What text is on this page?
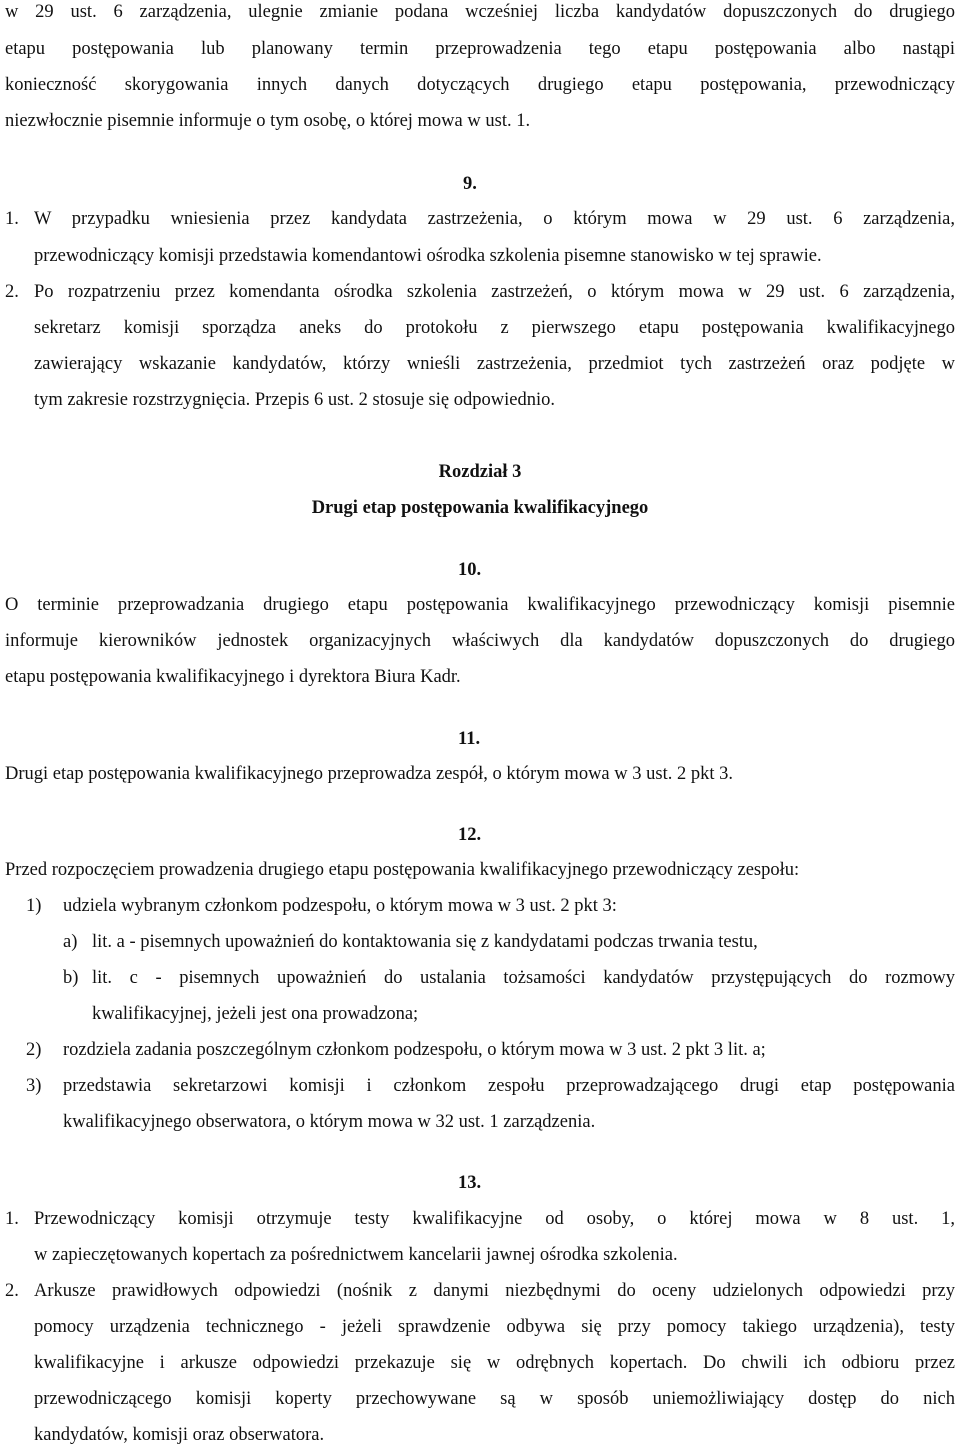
w 29 ust. 6 zarządzenia, ulegnie zmianie podana wcześniej liczba kandydatów dopuszczonych do drugiego
etapu postępowania lub planowany termin przeprowadzenia tego etapu postępowania albo nastąpi
konieczność skorygowania innych danych dotyczących drugiego etapu postępowania, przewodniczący
niezwłocznie pisemnie informuje o tym osobę, o której mowa w ust. 1.
9.
1. W przypadku wniesienia przez kandydata zastrzeżenia, o którym mowa w 29 ust. 6 zarządzenia,
przewodniczący komisji przedstawia komendantowi ośrodka szkolenia pisemne stanowisko w tej sprawie.
2. Po rozpatrzeniu przez komendanta ośrodka szkolenia zastrzeżeń, o którym mowa w 29 ust. 6 zarządzenia,
sekretarz komisji sporządza aneks do protokołu z pierwszego etapu postępowania kwalifikacyjnego
zawierający wskazanie kandydatów, którzy wnieśli zastrzeżenia, przedmiot tych zastrzeżeń oraz podjęte w
tym zakresie rozstrzygnięcia. Przepis 6 ust. 2 stosuje się odpowiednio.
Rozdział 3
Drugi etap postępowania kwalifikacyjnego
10.
O terminie przeprowadzania drugiego etapu postępowania kwalifikacyjnego przewodniczący komisji pisemnie
informuje kierowników jednostek organizacyjnych właściwych dla kandydatów dopuszczonych do drugiego
etapu postępowania kwalifikacyjnego i dyrektora Biura Kadr.
11.
Drugi etap postępowania kwalifikacyjnego przeprowadza zespół, o którym mowa w 3 ust. 2 pkt 3.
12.
Przed rozpoczęciem prowadzenia drugiego etapu postępowania kwalifikacyjnego przewodniczący zespołu:
1) udziela wybranym członkom podzespołu, o którym mowa w 3 ust. 2 pkt 3:
a) lit. a - pisemnych upoważnień do kontaktowania się z kandydatami podczas trwania testu,
b) lit. c - pisemnych upoważnień do ustalania tożsamości kandydatów przystępujących do rozmowy
kwalifikacyjnej, jeżeli jest ona prowadzona;
2) rozdziela zadania poszczególnym członkom podzespołu, o którym mowa w 3 ust. 2 pkt 3 lit. a;
3) przedstawia sekretarzowi komisji i członkom zespołu przeprowadzającego drugi etap postępowania
kwalifikacyjnego obserwatora, o którym mowa w 32 ust. 1 zarządzenia.
13.
1. Przewodniczący komisji otrzymuje testy kwalifikacyjne od osoby, o której mowa w 8 ust. 1,
w zapieczętowanych kopertach za pośrednictwem kancelarii jawnej ośrodka szkolenia.
2. Arkusze prawidłowych odpowiedzi (nośnik z danymi niezbędnymi do oceny udzielonych odpowiedzi przy
pomocy urządzenia technicznego - jeżeli sprawdzenie odbywa się przy pomocy takiego urządzenia), testy
kwalifikacyjne i arkusze odpowiedzi przekazuje się w odrębnych kopertach. Do chwili ich odbioru przez
przewodniczącego komisji koperty przechowywane są w sposób uniemożliwiający dostęp do nich
kandydatów, komisji oraz obserwatora.
